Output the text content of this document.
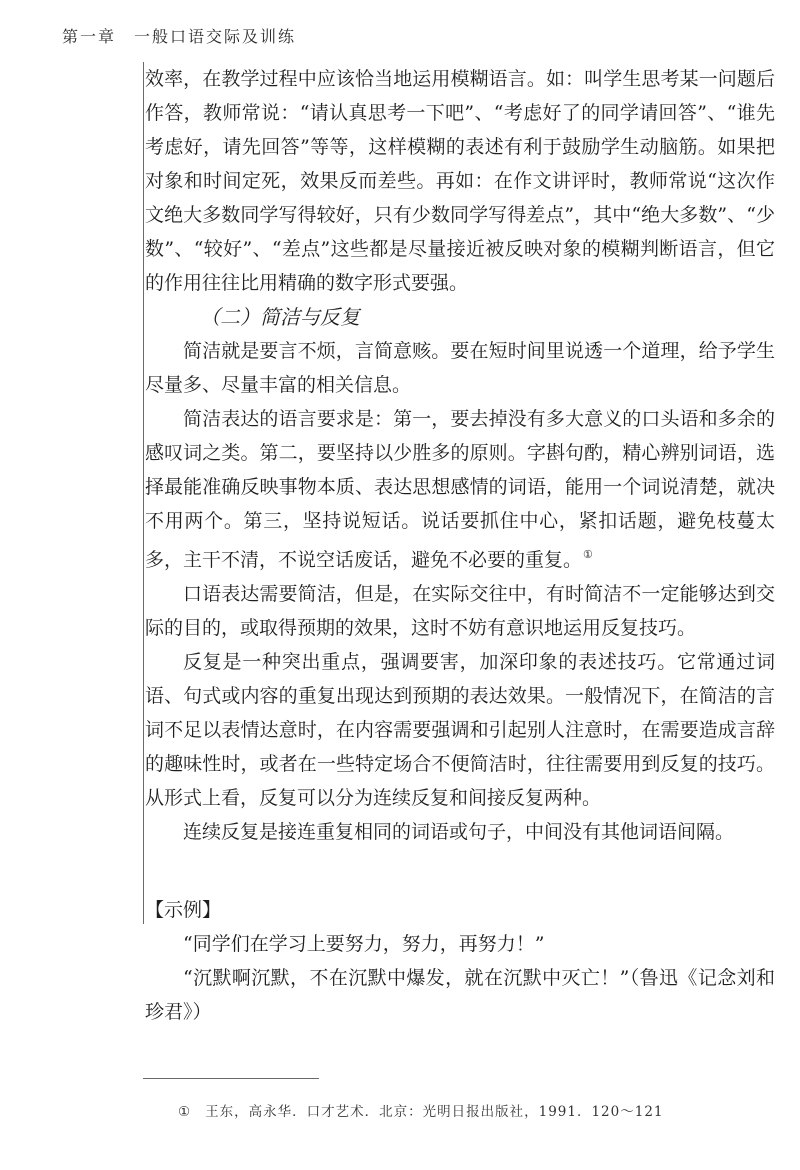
第一章　一般口语交际及训练

效率，在教学过程中应该恰当地运用模糊语言。如：叫学生思考某一问题后作答，教师常说：“请认真思考一下吧”、“考虑好了的同学请回答”、“谁先考虑好，请先回答”等等，这样模糊的表述有利于鼓励学生动脑筋。如果把对象和时间定死，效果反而差些。再如：在作文讲评时，教师常说“这次作文绝大多数同学写得较好，只有少数同学写得差点”，其中“绝大多数”、“少数”、“较好”、“差点”这些都是尽量接近被反映对象的模糊判断语言，但它的作用往往比用精确的数字形式要强。

（二）简洁与反复

简洁就是要言不烦，言简意赅。要在短时间里说透一个道理，给予学生尽量多、尽量丰富的相关信息。

简洁表达的语言要求是：第一，要去掉没有多大意义的口头语和多余的感叹词之类。第二，要坚持以少胜多的原则。字斟句酌，精心辨别词语，选择最能准确反映事物本质、表达思想感情的词语，能用一个词说清楚，就决不用两个。第三，坚持说短话。说话要抓住中心，紧扣话题，避免枝蔓太多，主干不清，不说空话废话，避免不必要的重复。①

口语表达需要简洁，但是，在实际交往中，有时简洁不一定能够达到交际的目的，或取得预期的效果，这时不妨有意识地运用反复技巧。

反复是一种突出重点，强调要害，加深印象的表述技巧。它常通过词语、句式或内容的重复出现达到预期的表达效果。一般情况下，在简洁的言词不足以表情达意时，在内容需要强调和引起别人注意时，在需要造成言辞的趣味性时，或者在一些特定场合不便简洁时，往往需要用到反复的技巧。从形式上看，反复可以分为连续反复和间接反复两种。

连续反复是接连重复相同的词语或句子，中间没有其他词语间隔。

【示例】

“同学们在学习上要努力，努力，再努力！”

“沉默啊沉默，不在沉默中爆发，就在沉默中灭亡！”（鲁迅《记念刘和珍君》）

① 王东，高永华．口才艺术．北京：光明日报出版社，1991．120～121
